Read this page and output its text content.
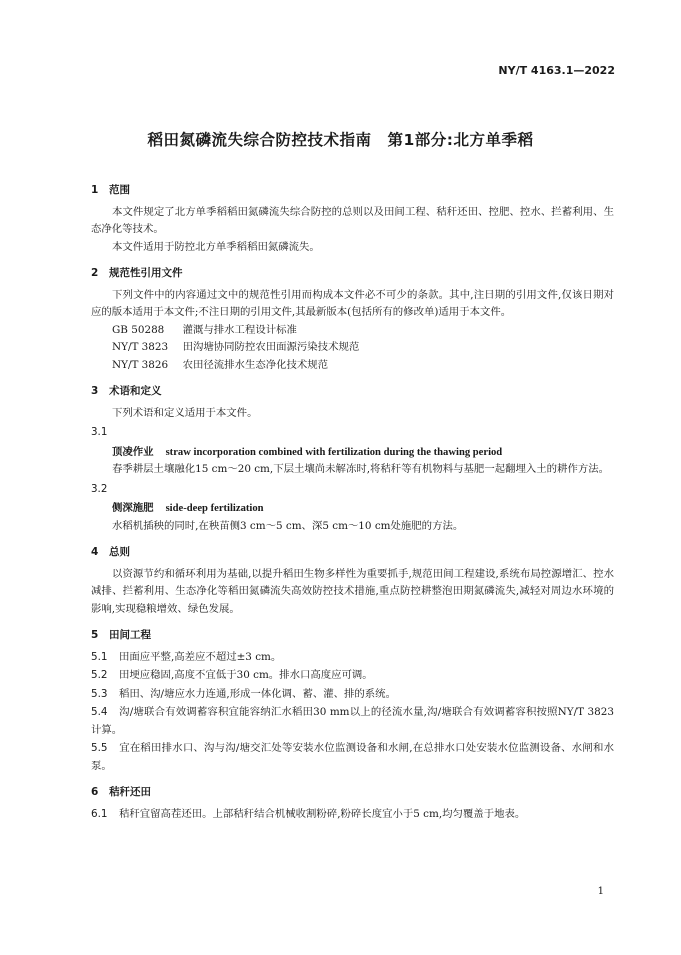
NY/T 4163.1—2022
稻田氮磷流失综合防控技术指南　第1部分:北方单季稻
1 范围

本文件规定了北方单季稻稻田氮磷流失综合防控的总则以及田间工程、秸秆还田、控肥、控水、拦蓄利用、生态净化等技术。

本文件适用于防控北方单季稻稻田氮磷流失。

2 规范性引用文件

下列文件中的内容通过文中的规范性引用而构成本文件必不可少的条款。其中,注日期的引用文件,仅该日期对应的版本适用于本文件;不注日期的引用文件,其最新版本(包括所有的修改单)适用于本文件。

GB 50288 灌溉与排水工程设计标准

NY/T 3823 田沟塘协同防控农田面源污染技术规范

NY/T 3826 农田径流排水生态净化技术规范

3 术语和定义

下列术语和定义适用于本文件。

3.1

顶凌作业 straw incorporation combined with fertilization during the thawing period

春季耕层土壤融化15 cm～20 cm,下层土壤尚未解冻时,将秸秆等有机物料与基肥一起翻埋入土的耕作方法。

3.2

侧深施肥 side-deep fertilization

水稻机插秧的同时,在秧苗侧3 cm～5 cm、深5 cm～10 cm处施肥的方法。

4 总则

以资源节约和循环利用为基础,以提升稻田生物多样性为重要抓手,规范田间工程建设,系统布局控源增汇、控水减排、拦蓄利用、生态净化等稻田氮磷流失高效防控技术措施,重点防控耕整泡田期氮磷流失,减轻对周边水环境的影响,实现稳粮增效、绿色发展。

5 田间工程

5.1 田面应平整,高差应不超过±3 cm。

5.2 田埂应稳固,高度不宜低于30 cm。排水口高度应可调。

5.3 稻田、沟/塘应水力连通,形成一体化调、蓄、灌、排的系统。

5.4 沟/塘联合有效调蓄容积宜能容纳汇水稻田30 mm以上的径流水量,沟/塘联合有效调蓄容积按照NY/T 3823计算。

5.5 宜在稻田排水口、沟与沟/塘交汇处等安装水位监测设备和水闸,在总排水口处安装水位监测设备、水闸和水泵。

6 秸秆还田

6.1 秸秆宜留高茬还田。上部秸秆结合机械收割粉碎,粉碎长度宜小于5 cm,均匀覆盖于地表。

1
